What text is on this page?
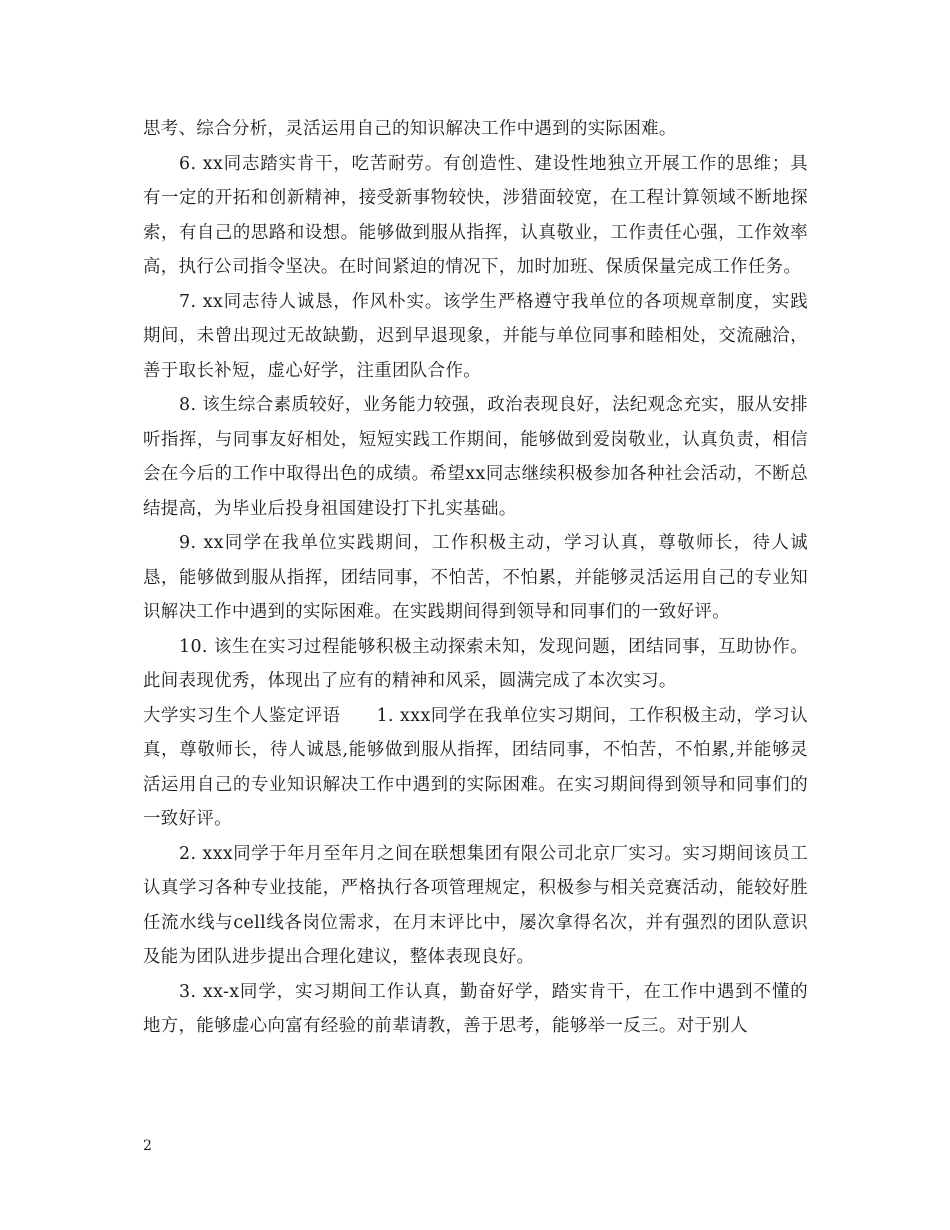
思考、综合分析，灵活运用自己的知识解决工作中遇到的实际困难。

6. xx同志踏实肯干，吃苦耐劳。有创造性、建设性地独立开展工作的思维；具有一定的开拓和创新精神，接受新事物较快，涉猎面较宽，在工程计算领域不断地探索，有自己的思路和设想。能够做到服从指挥，认真敬业，工作责任心强，工作效率高，执行公司指令坚决。在时间紧迫的情况下，加时加班、保质保量完成工作任务。

7. xx同志待人诚恳，作风朴实。该学生严格遵守我单位的各项规章制度，实践期间，未曾出现过无故缺勤，迟到早退现象，并能与单位同事和睦相处，交流融洽，善于取长补短，虚心好学，注重团队合作。

8. 该生综合素质较好，业务能力较强，政治表现良好，法纪观念充实，服从安排听指挥，与同事友好相处，短短实践工作期间，能够做到爱岗敬业，认真负责，相信会在今后的工作中取得出色的成绩。希望xx同志继续积极参加各种社会活动，不断总结提高，为毕业后投身祖国建设打下扎实基础。

9. xx同学在我单位实践期间，工作积极主动，学习认真，尊敬师长，待人诚恳，能够做到服从指挥，团结同事，不怕苦，不怕累，并能够灵活运用自己的专业知识解决工作中遇到的实际困难。在实践期间得到领导和同事们的一致好评。

10. 该生在实习过程能够积极主动探索未知，发现问题，团结同事，互助协作。此间表现优秀，体现出了应有的精神和风采，圆满完成了本次实习。

大学实习生个人鉴定评语　　1. xxx同学在我单位实习期间，工作积极主动，学习认真，尊敬师长，待人诚恳,能够做到服从指挥，团结同事，不怕苦，不怕累,并能够灵活运用自己的专业知识解决工作中遇到的实际困难。在实习期间得到领导和同事们的一致好评。

2. xxx同学于年月至年月之间在联想集团有限公司北京厂实习。实习期间该员工认真学习各种专业技能，严格执行各项管理规定，积极参与相关竞赛活动，能较好胜任流水线与cell线各岗位需求，在月末评比中，屡次拿得名次，并有强烈的团队意识及能为团队进步提出合理化建议，整体表现良好。

3. xx-x同学，实习期间工作认真，勤奋好学，踏实肯干，在工作中遇到不懂的地方，能够虚心向富有经验的前辈请教，善于思考，能够举一反三。对于别人

2
